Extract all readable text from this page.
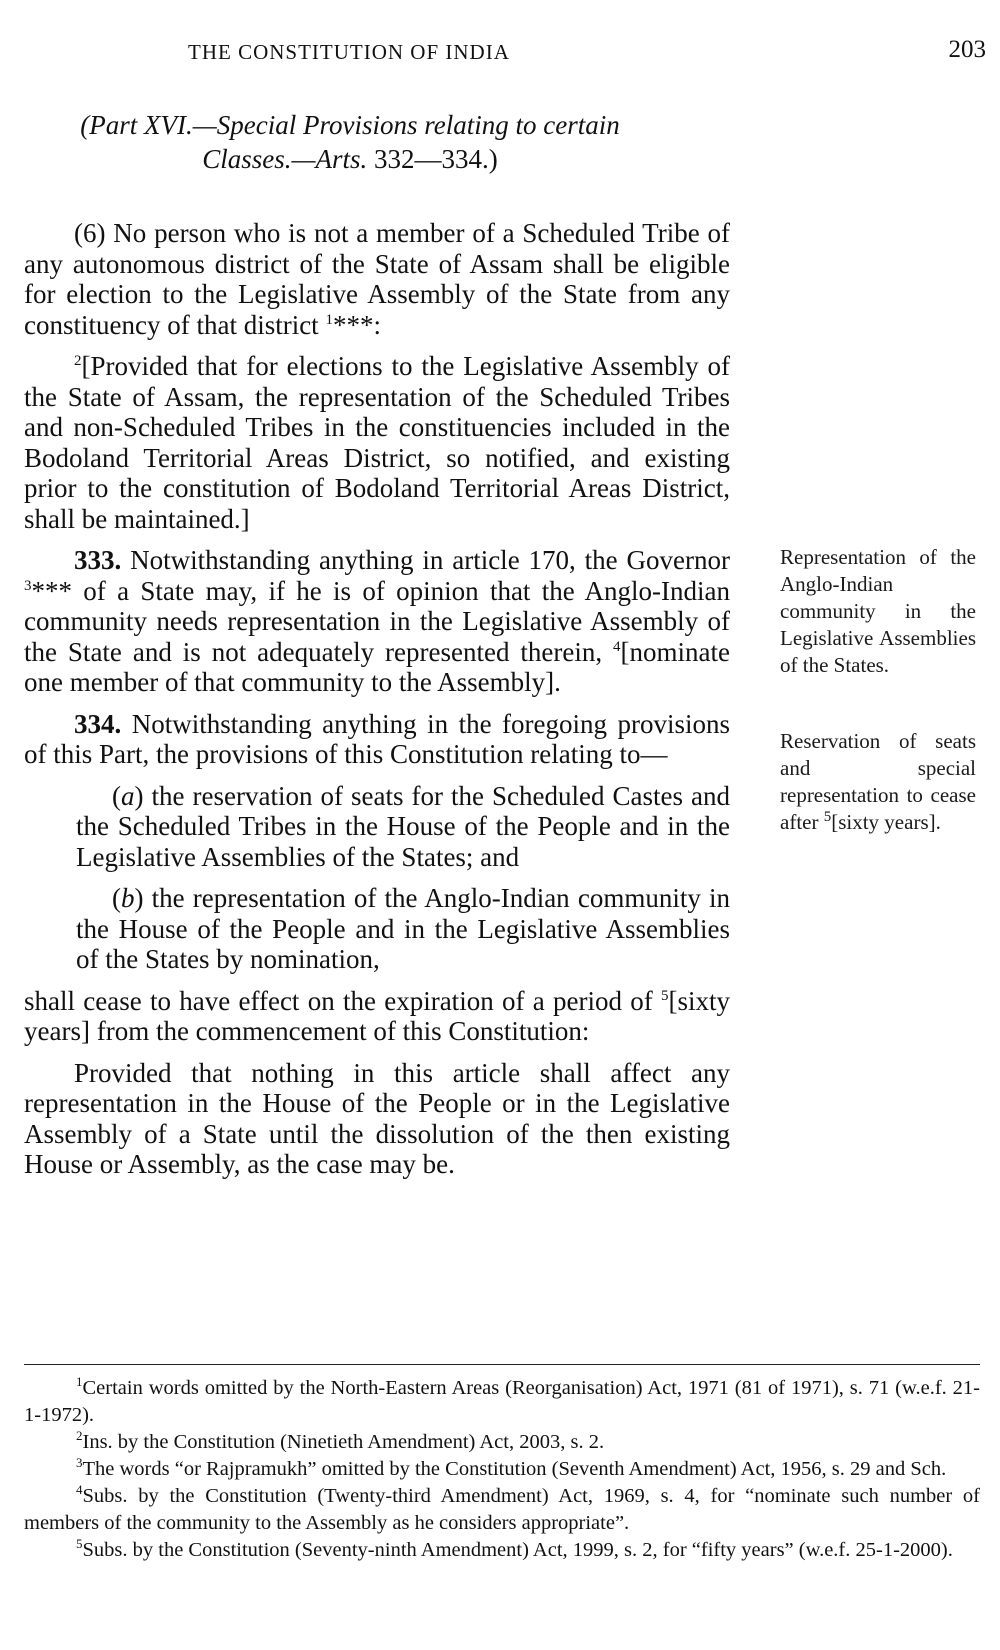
THE CONSTITUTION OF INDIA	203
(Part XVI.—Special Provisions relating to certain
Classes.—Arts. 332—334.)

(6) No person who is not a member of a Scheduled Tribe of any autonomous district of the State of Assam shall be eligible for election to the Legislative Assembly of the State from any constituency of that district $^1$***:

$^2$[Provided that for elections to the Legislative Assembly of the State of Assam, the representation of the Scheduled Tribes and non-Scheduled Tribes in the constituencies included in the Bodoland Territorial Areas District, so notified, and existing prior to the constitution of Bodoland Territorial Areas District, shall be maintained.]

333. Notwithstanding anything in article 170, the Governor $^3$*** of a State may, if he is of opinion that the Anglo-Indian community needs representation in the Legislative Assembly of the State and is not adequately represented therein, $^4$[nominate one member of that community to the Assembly].

334. Notwithstanding anything in the foregoing provisions of this Part, the provisions of this Constitution relating to—

(a) the reservation of seats for the Scheduled Castes and the Scheduled Tribes in the House of the People and in the Legislative Assemblies of the States; and

(b) the representation of the Anglo-Indian community in the House of the People and in the Legislative Assemblies of the States by nomination,

shall cease to have effect on the expiration of a period of $^5$[sixty years] from the commencement of this Constitution:

Provided that nothing in this article shall affect any representation in the House of the People or in the Legislative Assembly of a State until the dissolution of the then existing House or Assembly, as the case may be.

Representation of the Anglo-Indian community in the Legislative Assemblies of the States.
Reservation of seats and special representation to cease after $^5$[sixty years].

$^1$Certain words omitted by the North-Eastern Areas (Reorganisation) Act, 1971 (81 of 1971), s. 71 (w.e.f. 21-1-1972).

$^2$Ins. by the Constitution (Ninetieth Amendment) Act, 2003, s. 2.

$^3$The words “or Rajpramukh” omitted by the Constitution (Seventh Amendment) Act, 1956, s. 29 and Sch.

$^4$Subs. by the Constitution (Twenty-third Amendment) Act, 1969, s. 4, for “nominate such number of members of the community to the Assembly as he considers appropriate”.

$^5$Subs. by the Constitution (Seventy-ninth Amendment) Act, 1999, s. 2, for “fifty years” (w.e.f. 25-1-2000).
